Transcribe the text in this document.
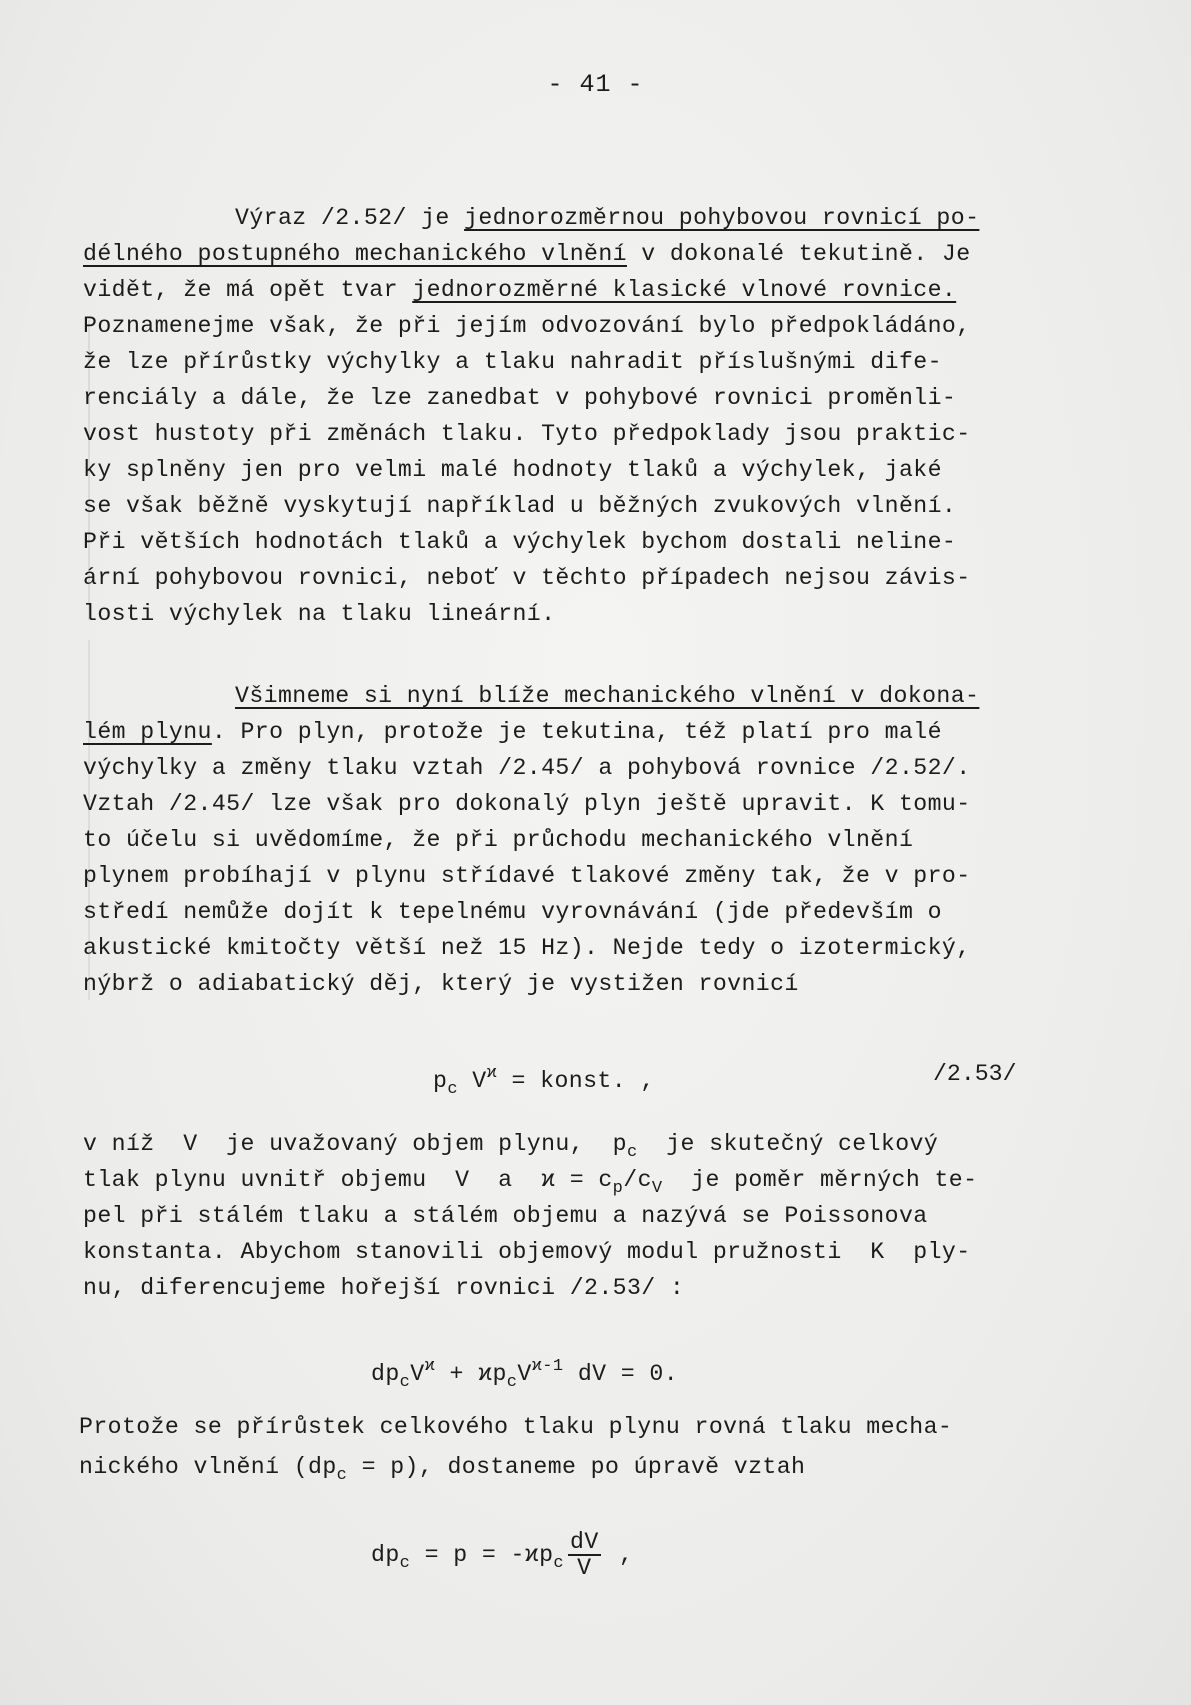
- 41 -
Výraz /2.52/ je jednorozměrnou pohybovou rovnicí po-
délného postupného mechanického vlnění v dokonalé tekutině. Je
vidět, že má opět tvar jednorozměrné klasické vlnové rovnice.
Poznamenejme však, že při jejím odvozování bylo předpokládáno,
že lze přírůstky výchylky a tlaku nahradit příslušnými dife-
renciály a dále, že lze zanedbat v pohybové rovnici proměnli-
vost hustoty při změnách tlaku. Tyto předpoklady jsou praktic-
ky splněny jen pro velmi malé hodnoty tlaků a výchylek, jaké
se však běžně vyskytují například u běžných zvukových vlnění.
Při větších hodnotách tlaků a výchylek bychom dostali neline-
ární pohybovou rovnici, neboť v těchto případech nejsou závis-
losti výchylek na tlaku lineární.
Všimneme si nyní blíže mechanického vlnění v dokona-
lém plynu. Pro plyn, protože je tekutina, též platí pro malé
výchylky a změny tlaku vztah /2.45/ a pohybová rovnice /2.52/.
Vztah /2.45/ lze však pro dokonalý plyn ještě upravit. K tomu-
to účelu si uvědomíme, že při průchodu mechanického vlnění
plynem probíhají v plynu střídavé tlakové změny tak, že v pro-
středí nemůže dojít k tepelnému vyrovnávání (jde především o
akustické kmitočty větší než 15 Hz). Nejde tedy o izotermický,
nýbrž o adiabatický děj, který je vystižen rovnicí
$p_c$ $V^ϰ$ = konst. ,	/2.53/
v níž  V  je uvažovaný objem plynu,  $p_c$  je skutečný celkový
tlak plynu uvnitř objemu  V  a  $ϰ = c_p/c_V$  je poměr měrných te-
pel při stálém tlaku a stálém objemu a nazývá se Poissonova
konstanta. Abychom stanovili objemový modul pružnosti  K  ply-
nu, diferencujeme hořejší rovnici /2.53/ :
$dp_cV^ϰ + ϰp_cV^{ϰ-1}$ dV = 0.
Protože se přírůstek celkového tlaku plynu rovná tlaku mecha-
nického vlnění $(dp_c = p)$, dostaneme po úpravě vztah
$dp_c = p = -ϰp_c \frac{dV}{V}$ ,
